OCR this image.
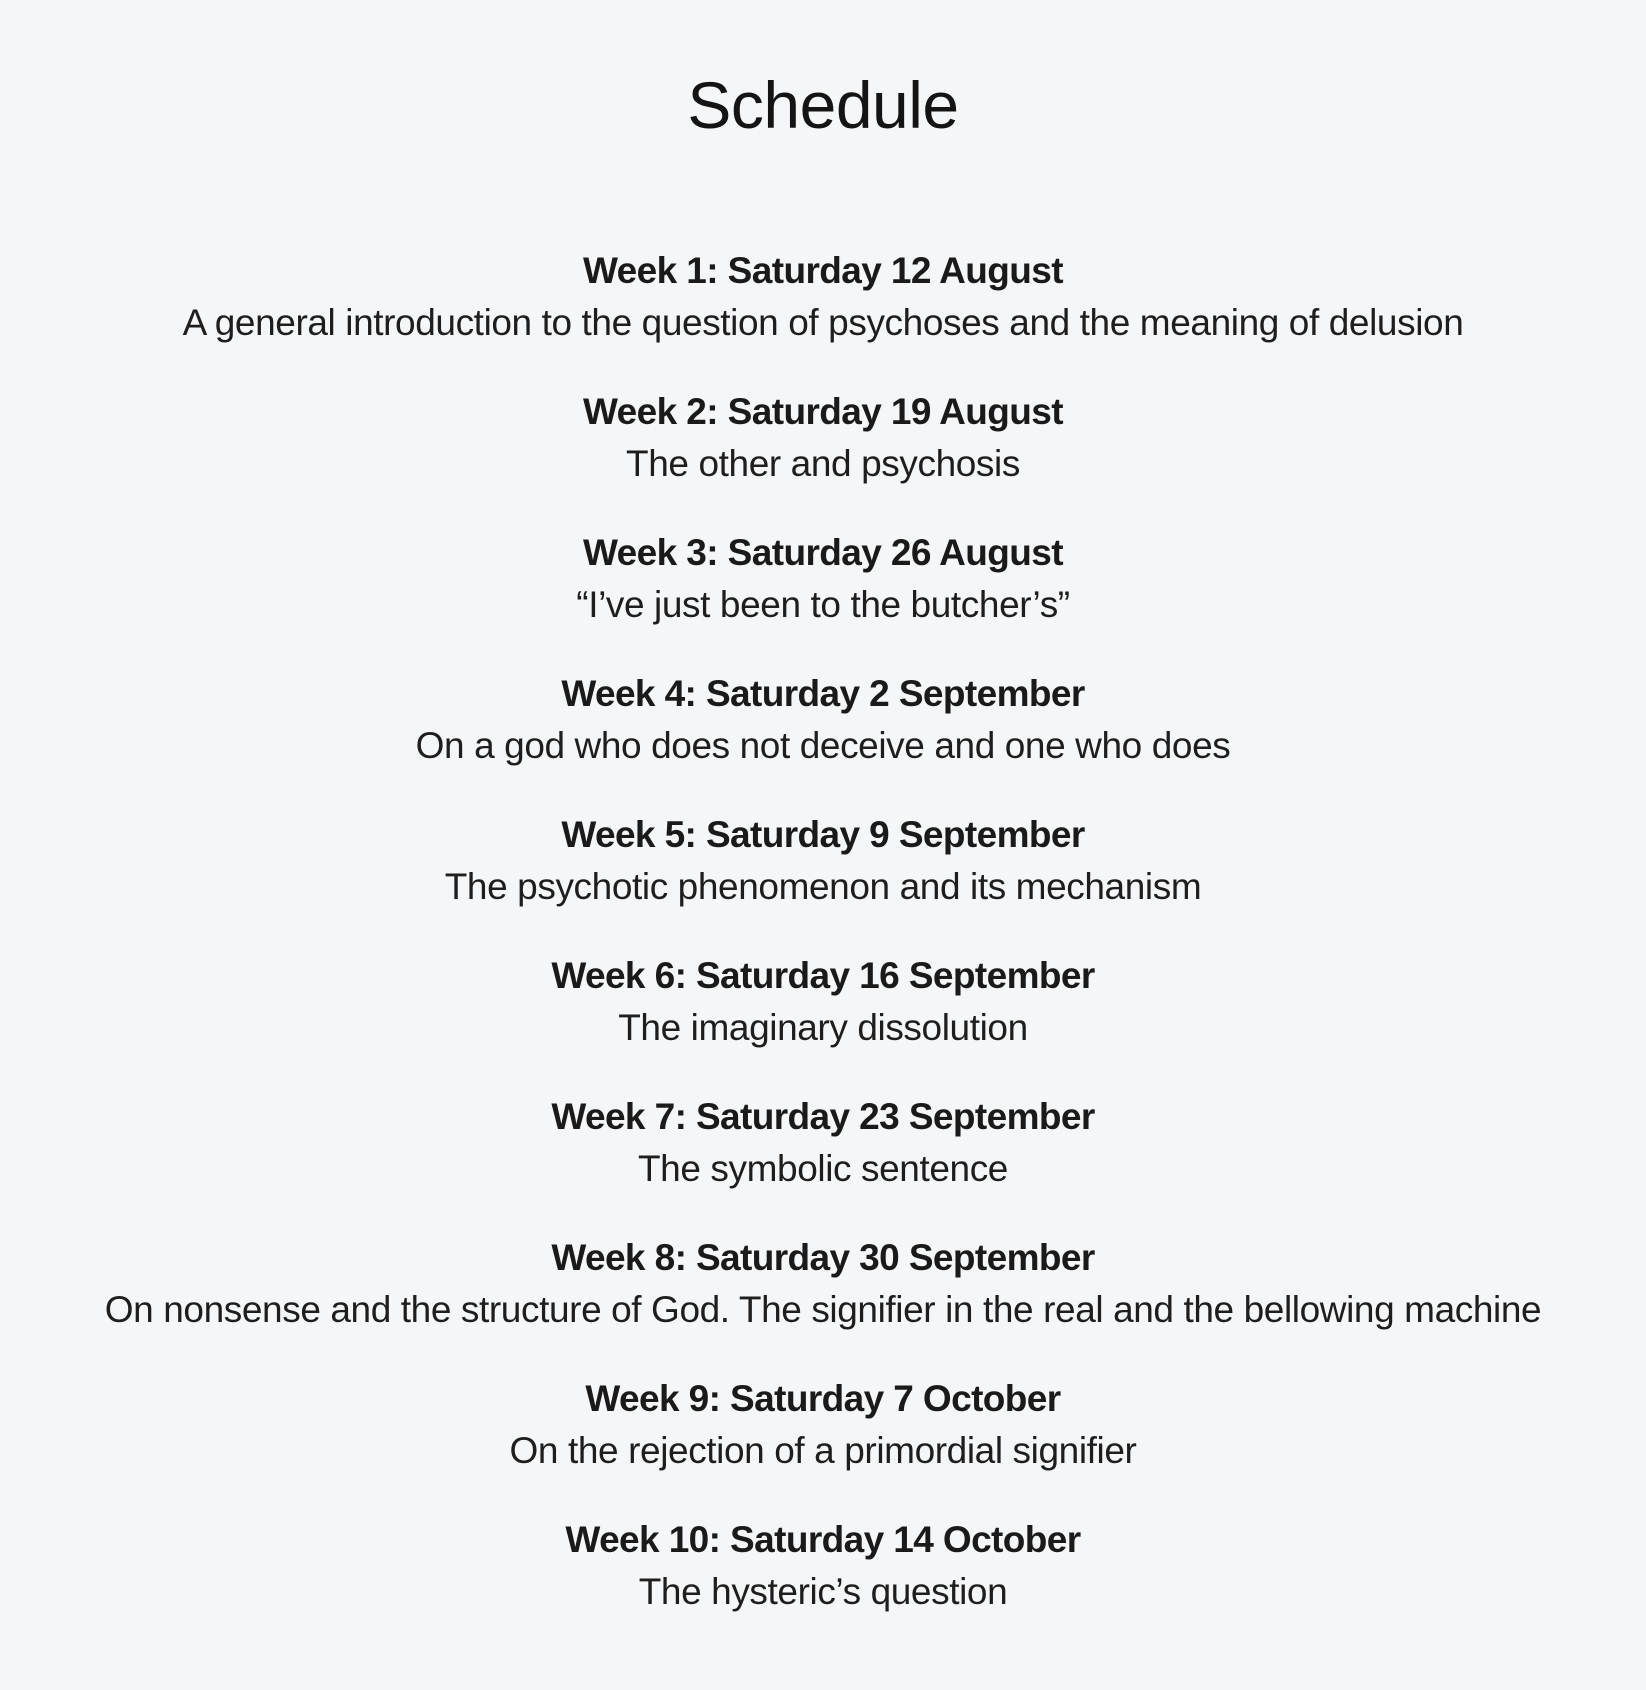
Schedule
Week 1: Saturday 12 August
A general introduction to the question of psychoses and the meaning of delusion
Week 2: Saturday 19 August
The other and psychosis
Week 3: Saturday 26 August
“I’ve just been to the butcher’s”
Week 4: Saturday 2 September
On a god who does not deceive and one who does
Week 5: Saturday 9 September
The psychotic phenomenon and its mechanism
Week 6: Saturday 16 September
The imaginary dissolution
Week 7: Saturday 23 September
The symbolic sentence
Week 8: Saturday 30 September
On nonsense and the structure of God. The signifier in the real and the bellowing machine
Week 9: Saturday 7 October
On the rejection of a primordial signifier
Week 10: Saturday 14 October
The hysteric’s question
